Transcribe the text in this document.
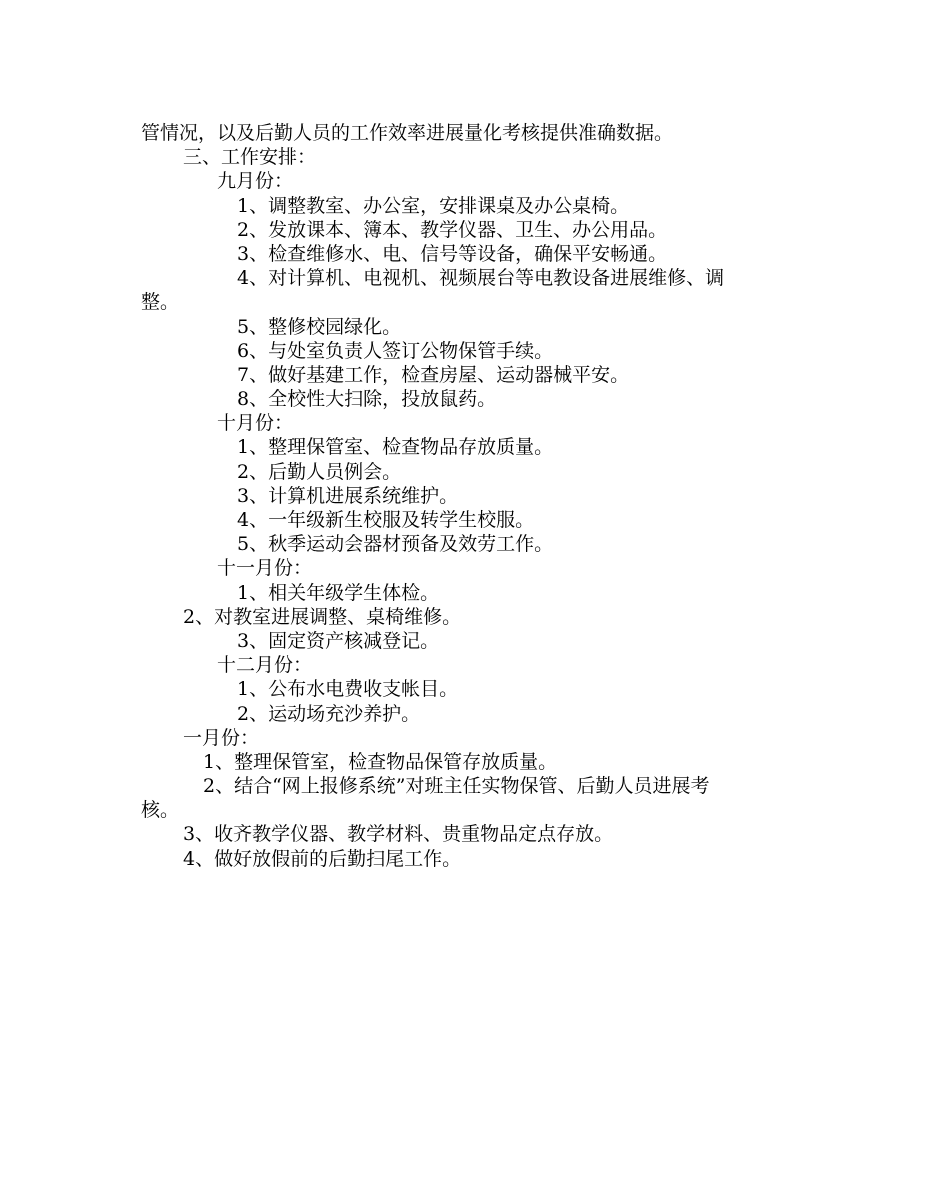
管情况，以及后勤人员的工作效率进展量化考核提供准确数据。
三、工作安排：
九月份：
1、调整教室、办公室，安排课桌及办公桌椅。
2、发放课本、簿本、教学仪器、卫生、办公用品。
3、检查维修水、电、信号等设备，确保平安畅通。
4、对计算机、电视机、视频展台等电教设备进展维修、调
整。
5、整修校园绿化。
6、与处室负责人签订公物保管手续。
7、做好基建工作，检查房屋、运动器械平安。
8、全校性大扫除，投放鼠药。
十月份：
1、整理保管室、检查物品存放质量。
2、后勤人员例会。
3、计算机进展系统维护。
4、一年级新生校服及转学生校服。
5、秋季运动会器材预备及效劳工作。
十一月份：
1、相关年级学生体检。
2、对教室进展调整、桌椅维修。
3、固定资产核减登记。
十二月份：
1、公布水电费收支帐目。
2、运动场充沙养护。
一月份：
1、整理保管室，检查物品保管存放质量。
2、结合“网上报修系统”对班主任实物保管、后勤人员进展考
核。
3、收齐教学仪器、教学材料、贵重物品定点存放。
4、做好放假前的后勤扫尾工作。
